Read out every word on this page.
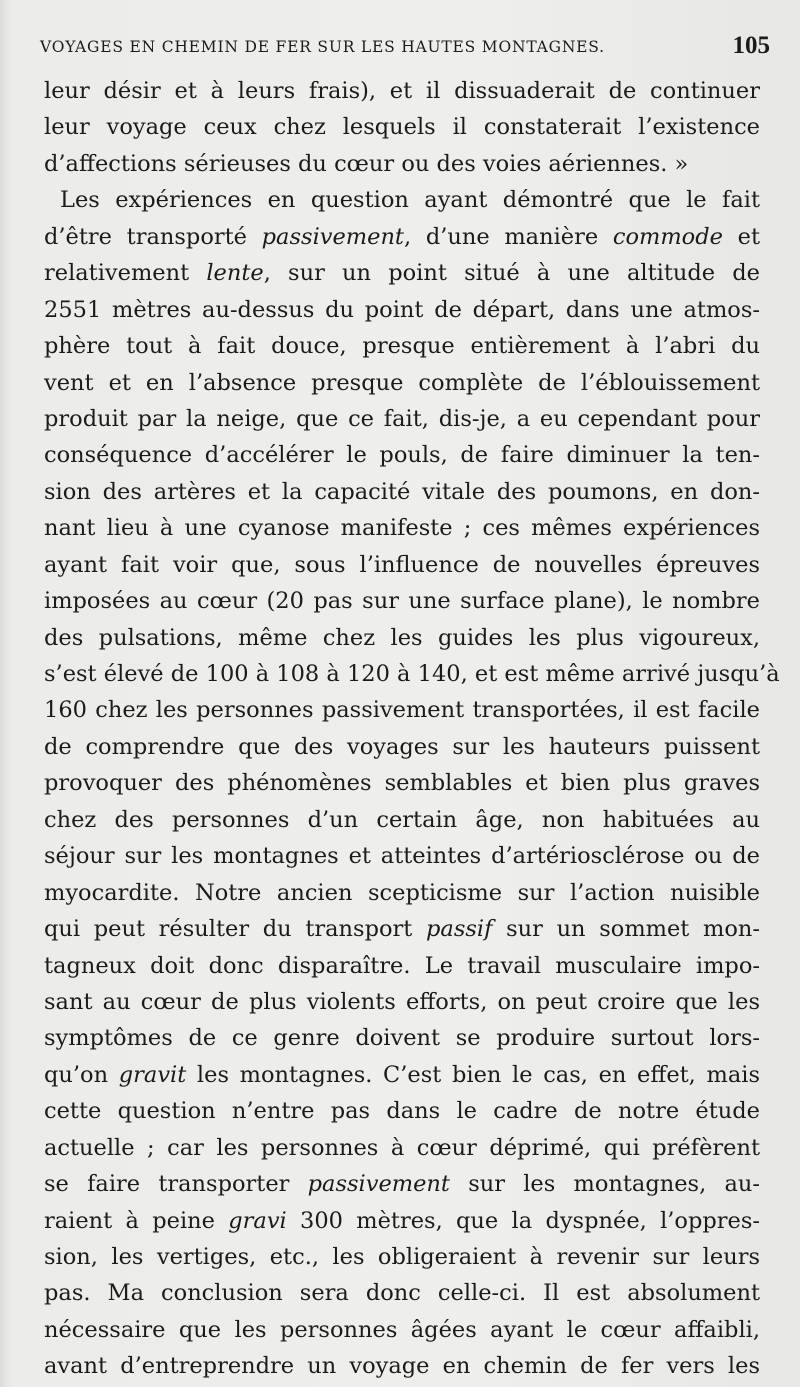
VOYAGES EN CHEMIN DE FER SUR LES HAUTES MONTAGNES.	105
leur désir et à leurs frais), et il dissuaderait de continuer
leur voyage ceux chez lesquels il constaterait l’existence
d’affections sérieuses du cœur ou des voies aériennes. »
Les expériences en question ayant démontré que le fait
d’être transporté passivement, d’une manière commode et
relativement lente, sur un point situé à une altitude de
2551 mètres au-dessus du point de départ, dans une atmos-
phère tout à fait douce, presque entièrement à l’abri du
vent et en l’absence presque complète de l’éblouissement
produit par la neige, que ce fait, dis-je, a eu cependant pour
conséquence d’accélérer le pouls, de faire diminuer la ten-
sion des artères et la capacité vitale des poumons, en don-
nant lieu à une cyanose manifeste ; ces mêmes expériences
ayant fait voir que, sous l’influence de nouvelles épreuves
imposées au cœur (20 pas sur une surface plane), le nombre
des pulsations, même chez les guides les plus vigoureux,
s’est élevé de 100 à 108 à 120 à 140, et est même arrivé jusqu’à
160 chez les personnes passivement transportées, il est facile
de comprendre que des voyages sur les hauteurs puissent
provoquer des phénomènes semblables et bien plus graves
chez des personnes d’un certain âge, non habituées au
séjour sur les montagnes et atteintes d’artériosclérose ou de
myocardite. Notre ancien scepticisme sur l’action nuisible
qui peut résulter du transport passif sur un sommet mon-
tagneux doit donc disparaître. Le travail musculaire impo-
sant au cœur de plus violents efforts, on peut croire que les
symptômes de ce genre doivent se produire surtout lors-
qu’on gravit les montagnes. C’est bien le cas, en effet, mais
cette question n’entre pas dans le cadre de notre étude
actuelle ; car les personnes à cœur déprimé, qui préfèrent
se faire transporter passivement sur les montagnes, au-
raient à peine gravi 300 mètres, que la dyspnée, l’oppres-
sion, les vertiges, etc., les obligeraient à revenir sur leurs
pas. Ma conclusion sera donc celle-ci. Il est absolument
nécessaire que les personnes âgées ayant le cœur affaibli,
avant d’entreprendre un voyage en chemin de fer vers les
